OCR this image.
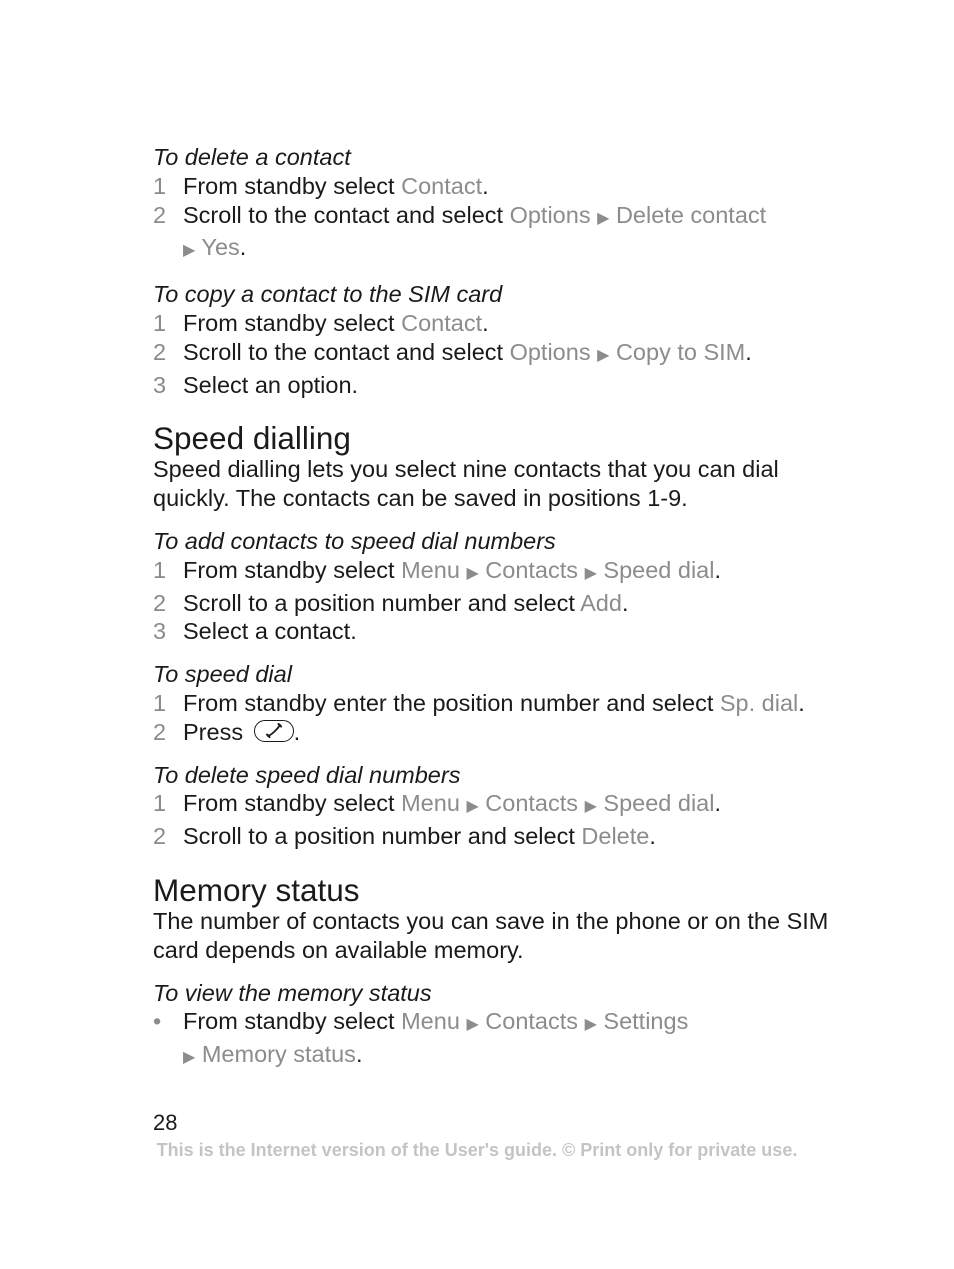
To delete a contact

1 From standby select Contact.
2 Scroll to the contact and select Options ▶ Delete contact
▶ Yes.

To copy a contact to the SIM card

1 From standby select Contact.
2 Scroll to the contact and select Options ▶ Copy to SIM.
3 Select an option.
Speed dialling

Speed dialling lets you select nine contacts that you can dial quickly. The contacts can be saved in positions 1-9.

To add contacts to speed dial numbers

1 From standby select Menu ▶ Contacts ▶ Speed dial.
2 Scroll to a position number and select Add.
3 Select a contact.

To speed dial

1 From standby enter the position number and select Sp. dial.
2 Press
.

To delete speed dial numbers

1 From standby select Menu ▶ Contacts ▶ Speed dial.
2 Scroll to a position number and select Delete.
Memory status

The number of contacts you can save in the phone or on the SIM card depends on available memory.

To view the memory status

• From standby select Menu ▶ Contacts ▶ Settings
▶ Memory status.
28
This is the Internet version of the User's guide. © Print only for private use.
